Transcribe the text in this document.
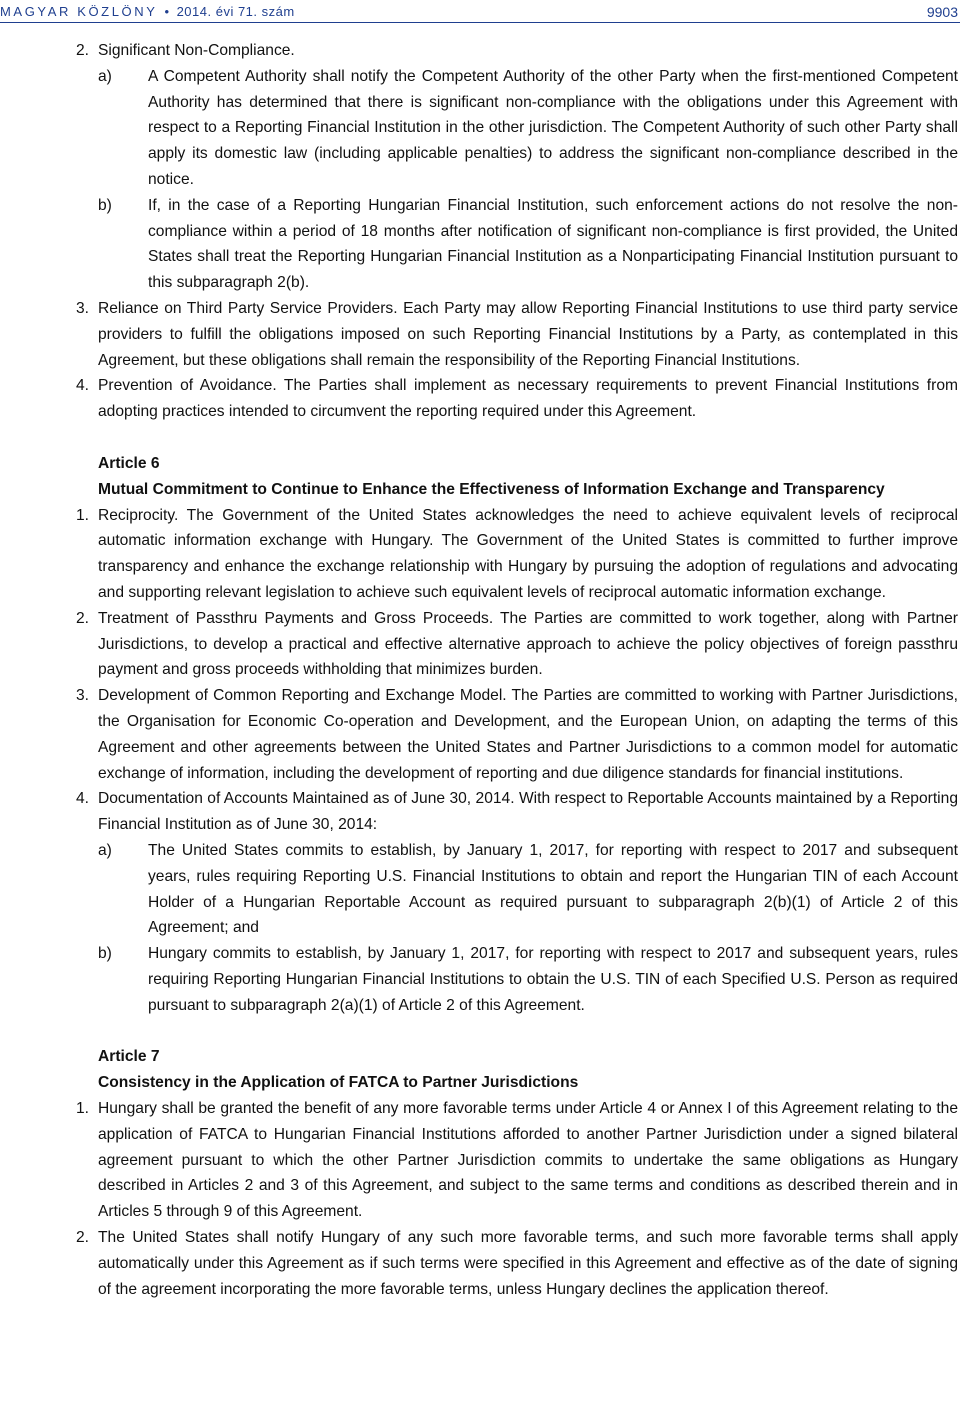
MAGYAR KÖZLÖNY • 2014. évi 71. szám	9903

2. Significant Non-Compliance.

a) A Competent Authority shall notify the Competent Authority of the other Party when the first-mentioned Competent Authority has determined that there is significant non-compliance with the obligations under this Agreement with respect to a Reporting Financial Institution in the other jurisdiction. The Competent Authority of such other Party shall apply its domestic law (including applicable penalties) to address the significant non-compliance described in the notice.

b) If, in the case of a Reporting Hungarian Financial Institution, such enforcement actions do not resolve the non-compliance within a period of 18 months after notification of significant non-compliance is first provided, the United States shall treat the Reporting Hungarian Financial Institution as a Nonparticipating Financial Institution pursuant to this subparagraph 2(b).

3. Reliance on Third Party Service Providers. Each Party may allow Reporting Financial Institutions to use third party service providers to fulfill the obligations imposed on such Reporting Financial Institutions by a Party, as contemplated in this Agreement, but these obligations shall remain the responsibility of the Reporting Financial Institutions.

4. Prevention of Avoidance. The Parties shall implement as necessary requirements to prevent Financial Institutions from adopting practices intended to circumvent the reporting required under this Agreement.

Article 6

Mutual Commitment to Continue to Enhance the Effectiveness of Information Exchange and Transparency

1. Reciprocity. The Government of the United States acknowledges the need to achieve equivalent levels of reciprocal automatic information exchange with Hungary. The Government of the United States is committed to further improve transparency and enhance the exchange relationship with Hungary by pursuing the adoption of regulations and advocating and supporting relevant legislation to achieve such equivalent levels of reciprocal automatic information exchange.

2. Treatment of Passthru Payments and Gross Proceeds. The Parties are committed to work together, along with Partner Jurisdictions, to develop a practical and effective alternative approach to achieve the policy objectives of foreign passthru payment and gross proceeds withholding that minimizes burden.

3. Development of Common Reporting and Exchange Model. The Parties are committed to working with Partner Jurisdictions, the Organisation for Economic Co-operation and Development, and the European Union, on adapting the terms of this Agreement and other agreements between the United States and Partner Jurisdictions to a common model for automatic exchange of information, including the development of reporting and due diligence standards for financial institutions.

4. Documentation of Accounts Maintained as of June 30, 2014. With respect to Reportable Accounts maintained by a Reporting Financial Institution as of June 30, 2014:

a) The United States commits to establish, by January 1, 2017, for reporting with respect to 2017 and subsequent years, rules requiring Reporting U.S. Financial Institutions to obtain and report the Hungarian TIN of each Account Holder of a Hungarian Reportable Account as required pursuant to subparagraph 2(b)(1) of Article 2 of this Agreement; and

b) Hungary commits to establish, by January 1, 2017, for reporting with respect to 2017 and subsequent years, rules requiring Reporting Hungarian Financial Institutions to obtain the U.S. TIN of each Specified U.S. Person as required pursuant to subparagraph 2(a)(1) of Article 2 of this Agreement.

Article 7

Consistency in the Application of FATCA to Partner Jurisdictions

1. Hungary shall be granted the benefit of any more favorable terms under Article 4 or Annex I of this Agreement relating to the application of FATCA to Hungarian Financial Institutions afforded to another Partner Jurisdiction under a signed bilateral agreement pursuant to which the other Partner Jurisdiction commits to undertake the same obligations as Hungary described in Articles 2 and 3 of this Agreement, and subject to the same terms and conditions as described therein and in Articles 5 through 9 of this Agreement.

2. The United States shall notify Hungary of any such more favorable terms, and such more favorable terms shall apply automatically under this Agreement as if such terms were specified in this Agreement and effective as of the date of signing of the agreement incorporating the more favorable terms, unless Hungary declines the application thereof.
